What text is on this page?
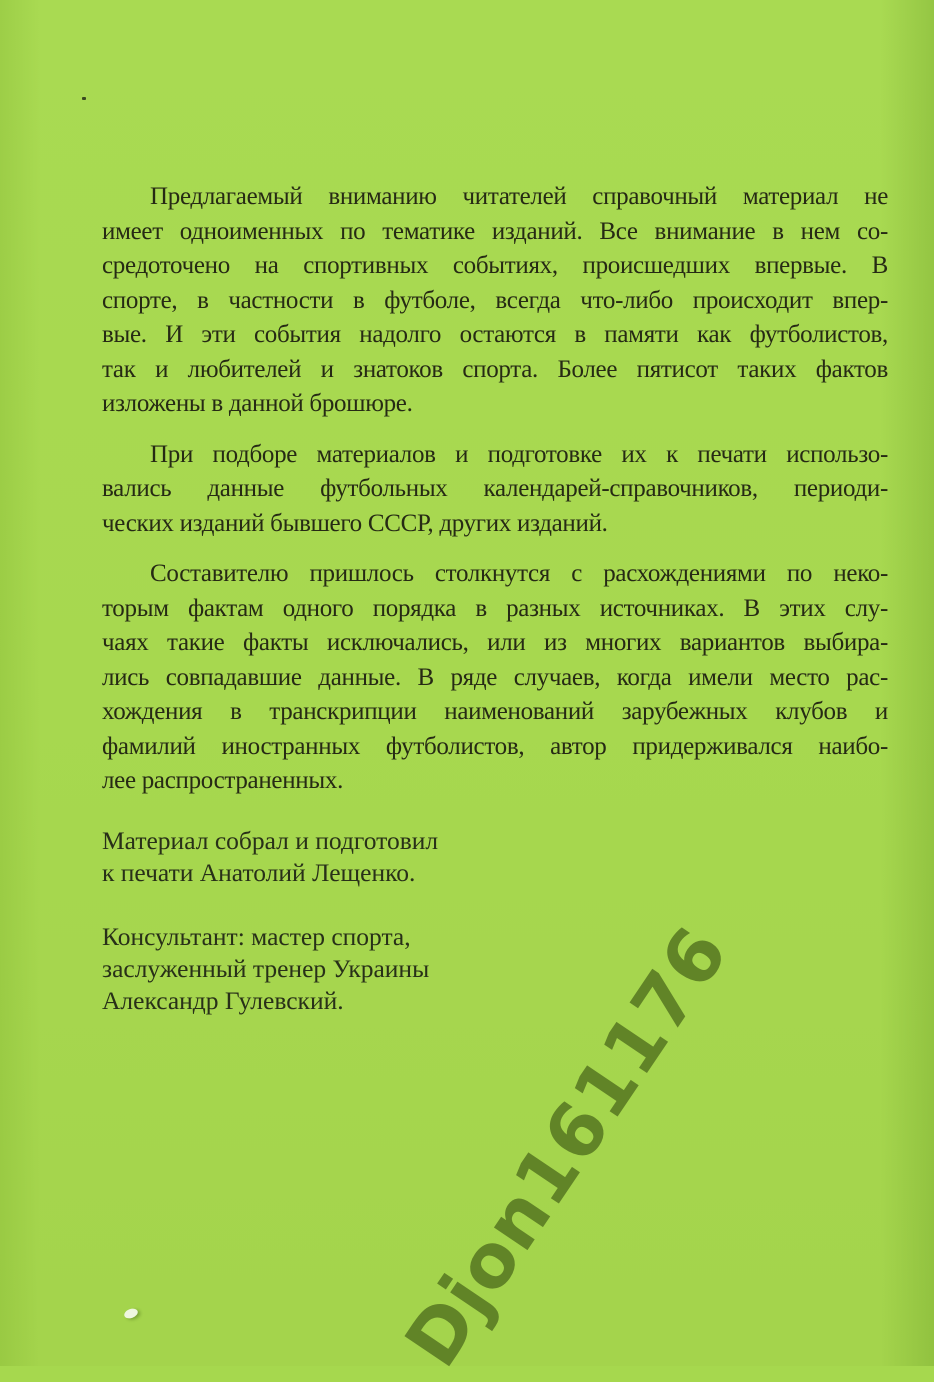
Предлагаемый вниманию читателей справочный материал не
имеет одноименных по тематике изданий. Все внимание в нем со-
средоточено на спортивных событиях, происшедших впервые. В
спорте, в частности в футболе, всегда что-либо происходит впер-
вые. И эти события надолго остаются в памяти как футболистов,
так и любителей и знатоков спорта. Более пятисот таких фактов
изложены в данной брошюре.
При подборе материалов и подготовке их к печати использо-
вались данные футбольных календарей-справочников, периоди-
ческих изданий бывшего СССР, других изданий.
Составителю пришлось столкнутся с расхождениями по неко-
торым фактам одного порядка в разных источниках. В этих слу-
чаях такие факты исключались, или из многих вариантов выбира-
лись совпадавшие данные. В ряде случаев, когда имели место рас-
хождения в транскрипции наименований зарубежных клубов и
фамилий иностранных футболистов, автор придерживался наибо-
лее распространенных.
Материал собрал и подготовил
к печати Анатолий Лещенко.
Консультант: мастер спорта,
заслуженный тренер Украины
Александр Гулевский. Djon161176
